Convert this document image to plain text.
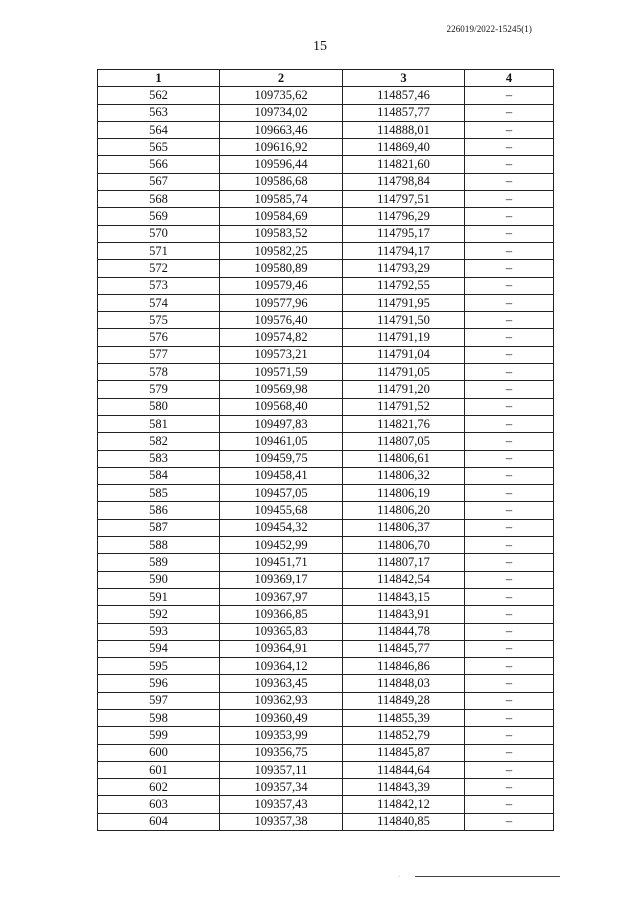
226019/2022-15245(1)
15
1	2	3	4
562	109735,62	114857,46	–
563	109734,02	114857,77	–
564	109663,46	114888,01	–
565	109616,92	114869,40	–
566	109596,44	114821,60	–
567	109586,68	114798,84	–
568	109585,74	114797,51	–
569	109584,69	114796,29	–
570	109583,52	114795,17	–
571	109582,25	114794,17	–
572	109580,89	114793,29	–
573	109579,46	114792,55	–
574	109577,96	114791,95	–
575	109576,40	114791,50	–
576	109574,82	114791,19	–
577	109573,21	114791,04	–
578	109571,59	114791,05	–
579	109569,98	114791,20	–
580	109568,40	114791,52	–
581	109497,83	114821,76	–
582	109461,05	114807,05	–
583	109459,75	114806,61	–
584	109458,41	114806,32	–
585	109457,05	114806,19	–
586	109455,68	114806,20	–
587	109454,32	114806,37	–
588	109452,99	114806,70	–
589	109451,71	114807,17	–
590	109369,17	114842,54	–
591	109367,97	114843,15	–
592	109366,85	114843,91	–
593	109365,83	114844,78	–
594	109364,91	114845,77	–
595	109364,12	114846,86	–
596	109363,45	114848,03	–
597	109362,93	114849,28	–
598	109360,49	114855,39	–
599	109353,99	114852,79	–
600	109356,75	114845,87	–
601	109357,11	114844,64	–
602	109357,34	114843,39	–
603	109357,43	114842,12	–
604	109357,38	114840,85	–
·
